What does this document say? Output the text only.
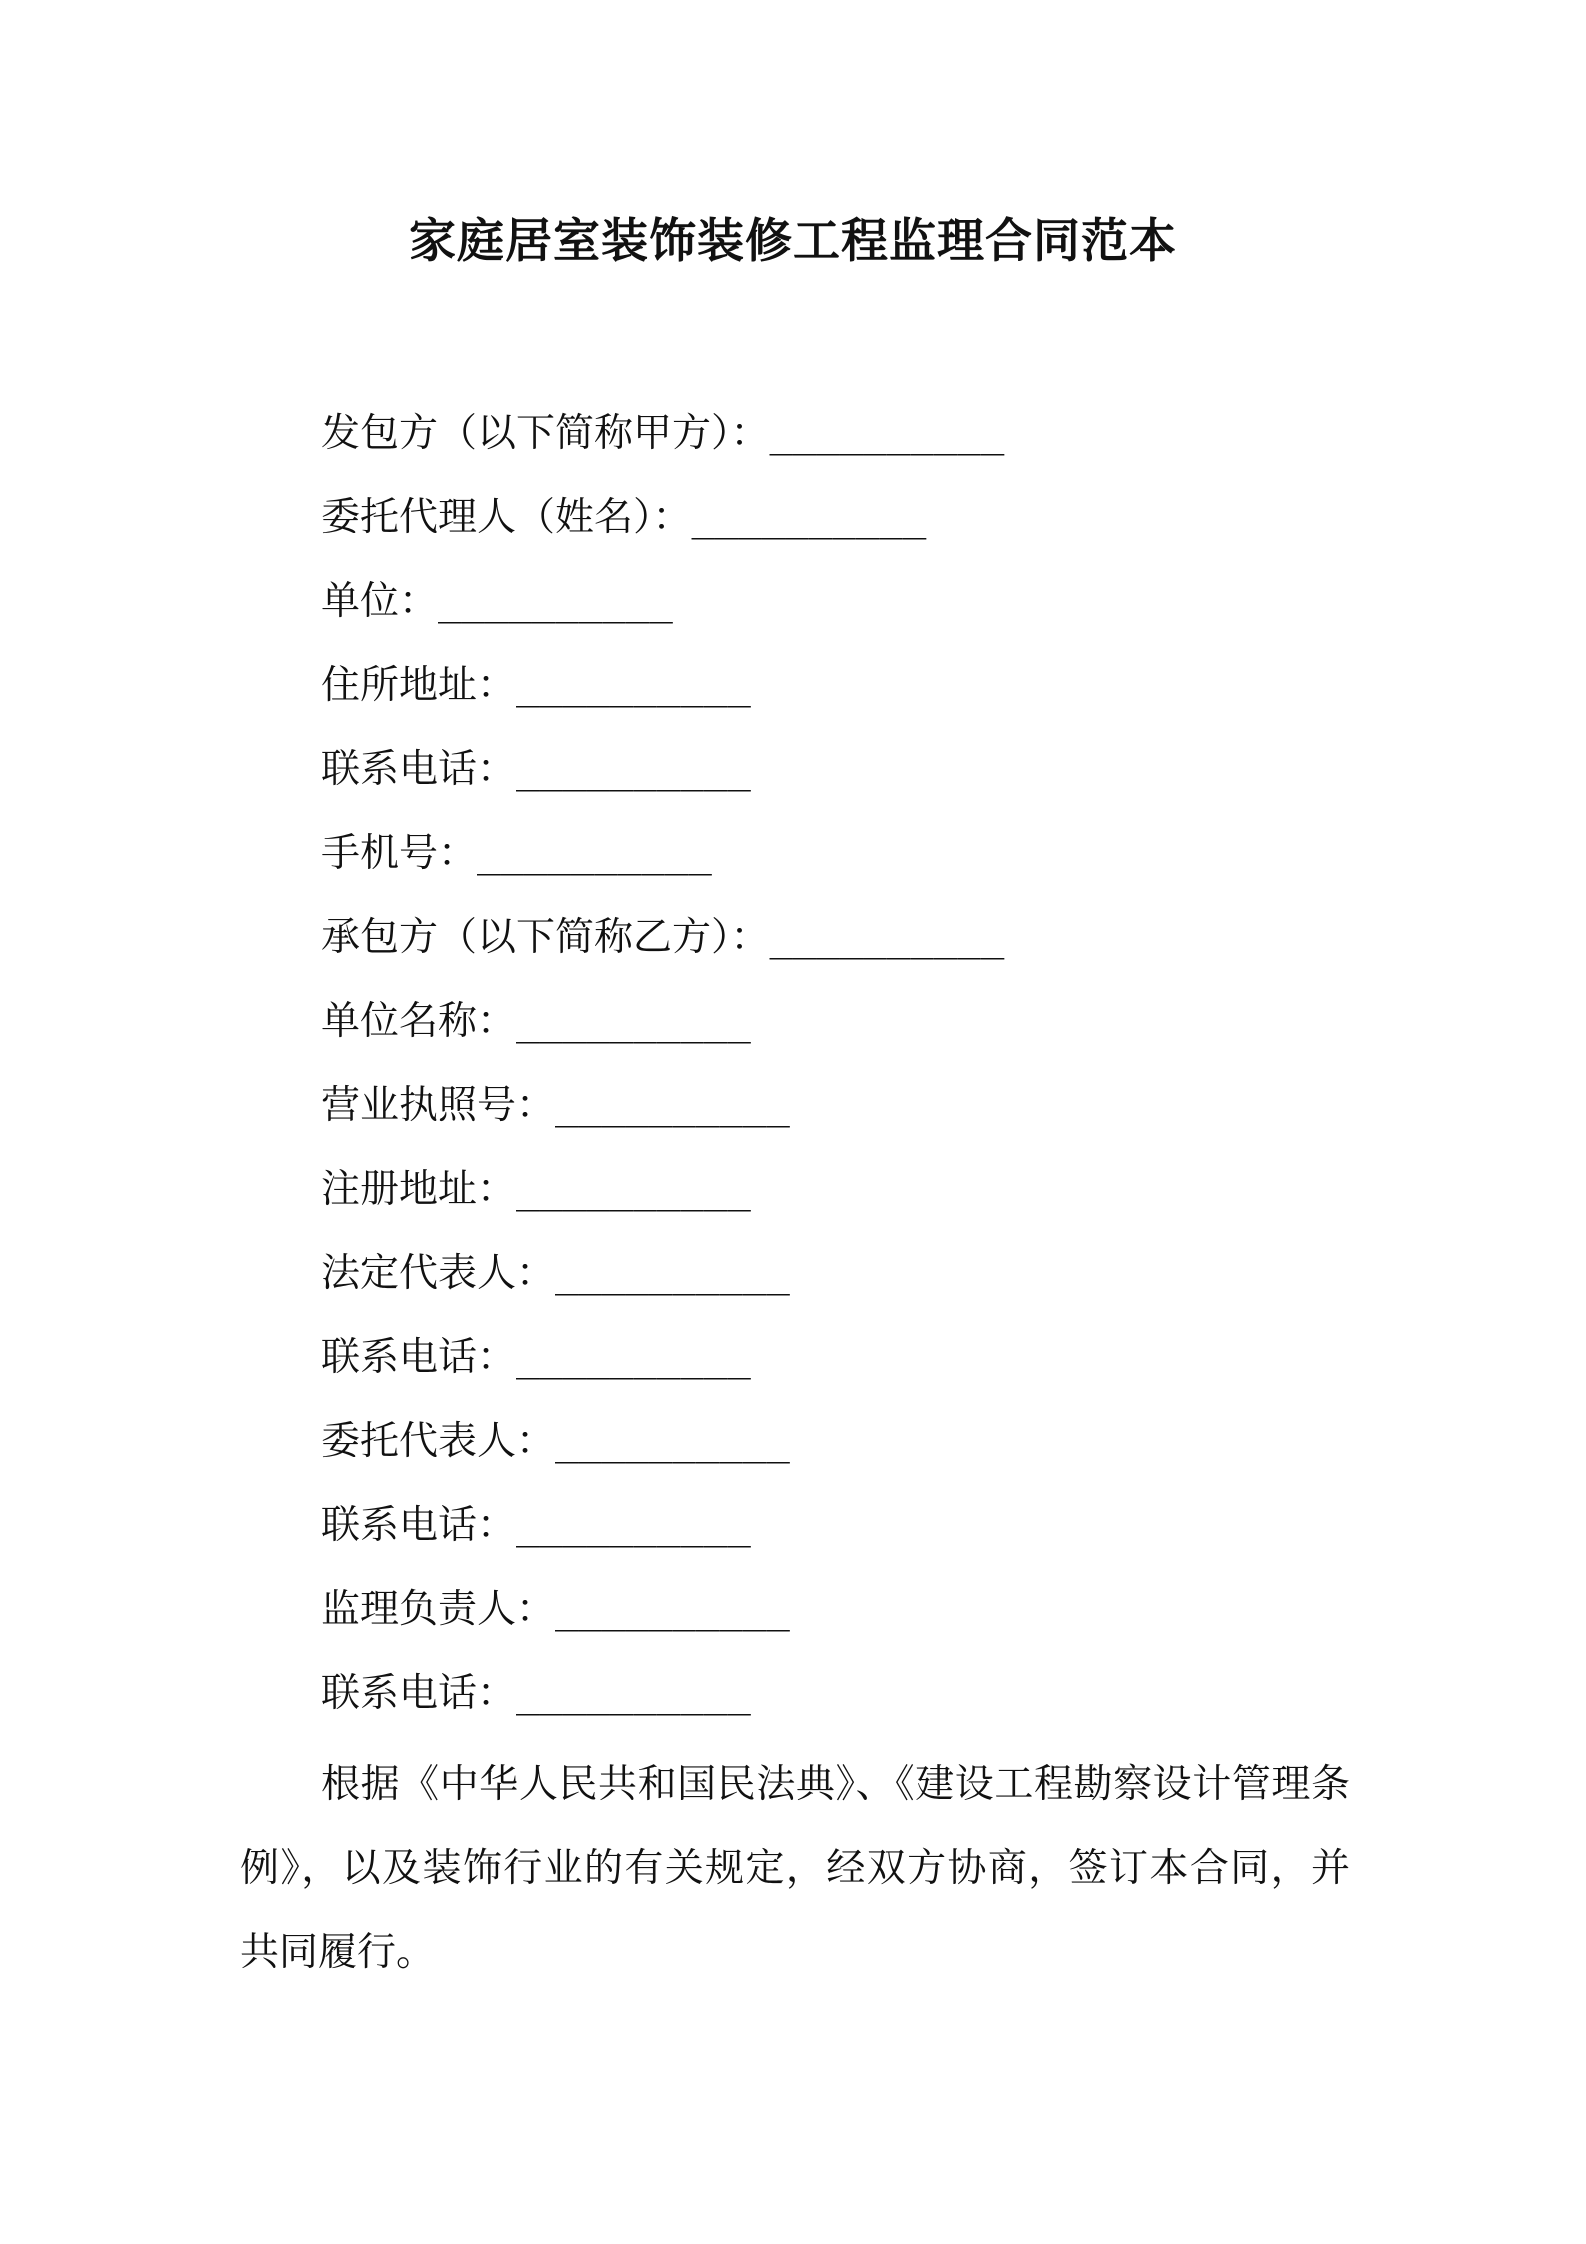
家庭居室装饰装修工程监理合同范本
发包方（以下简称甲方）：__________
委托代理人（姓名）：__________
单位：__________
住所地址：__________
联系电话：__________
手机号：__________
承包方（以下简称乙方）：__________
单位名称：__________
营业执照号：__________
注册地址：__________
法定代表人：__________
联系电话：__________
委托代表人：__________
联系电话：__________
监理负责人：__________
联系电话：__________
根据《中华人民共和国民法典》、《建设工程勘察设计管理条例》，以及装饰行业的有关规定，经双方协商，签订本合同，并共同履行。
